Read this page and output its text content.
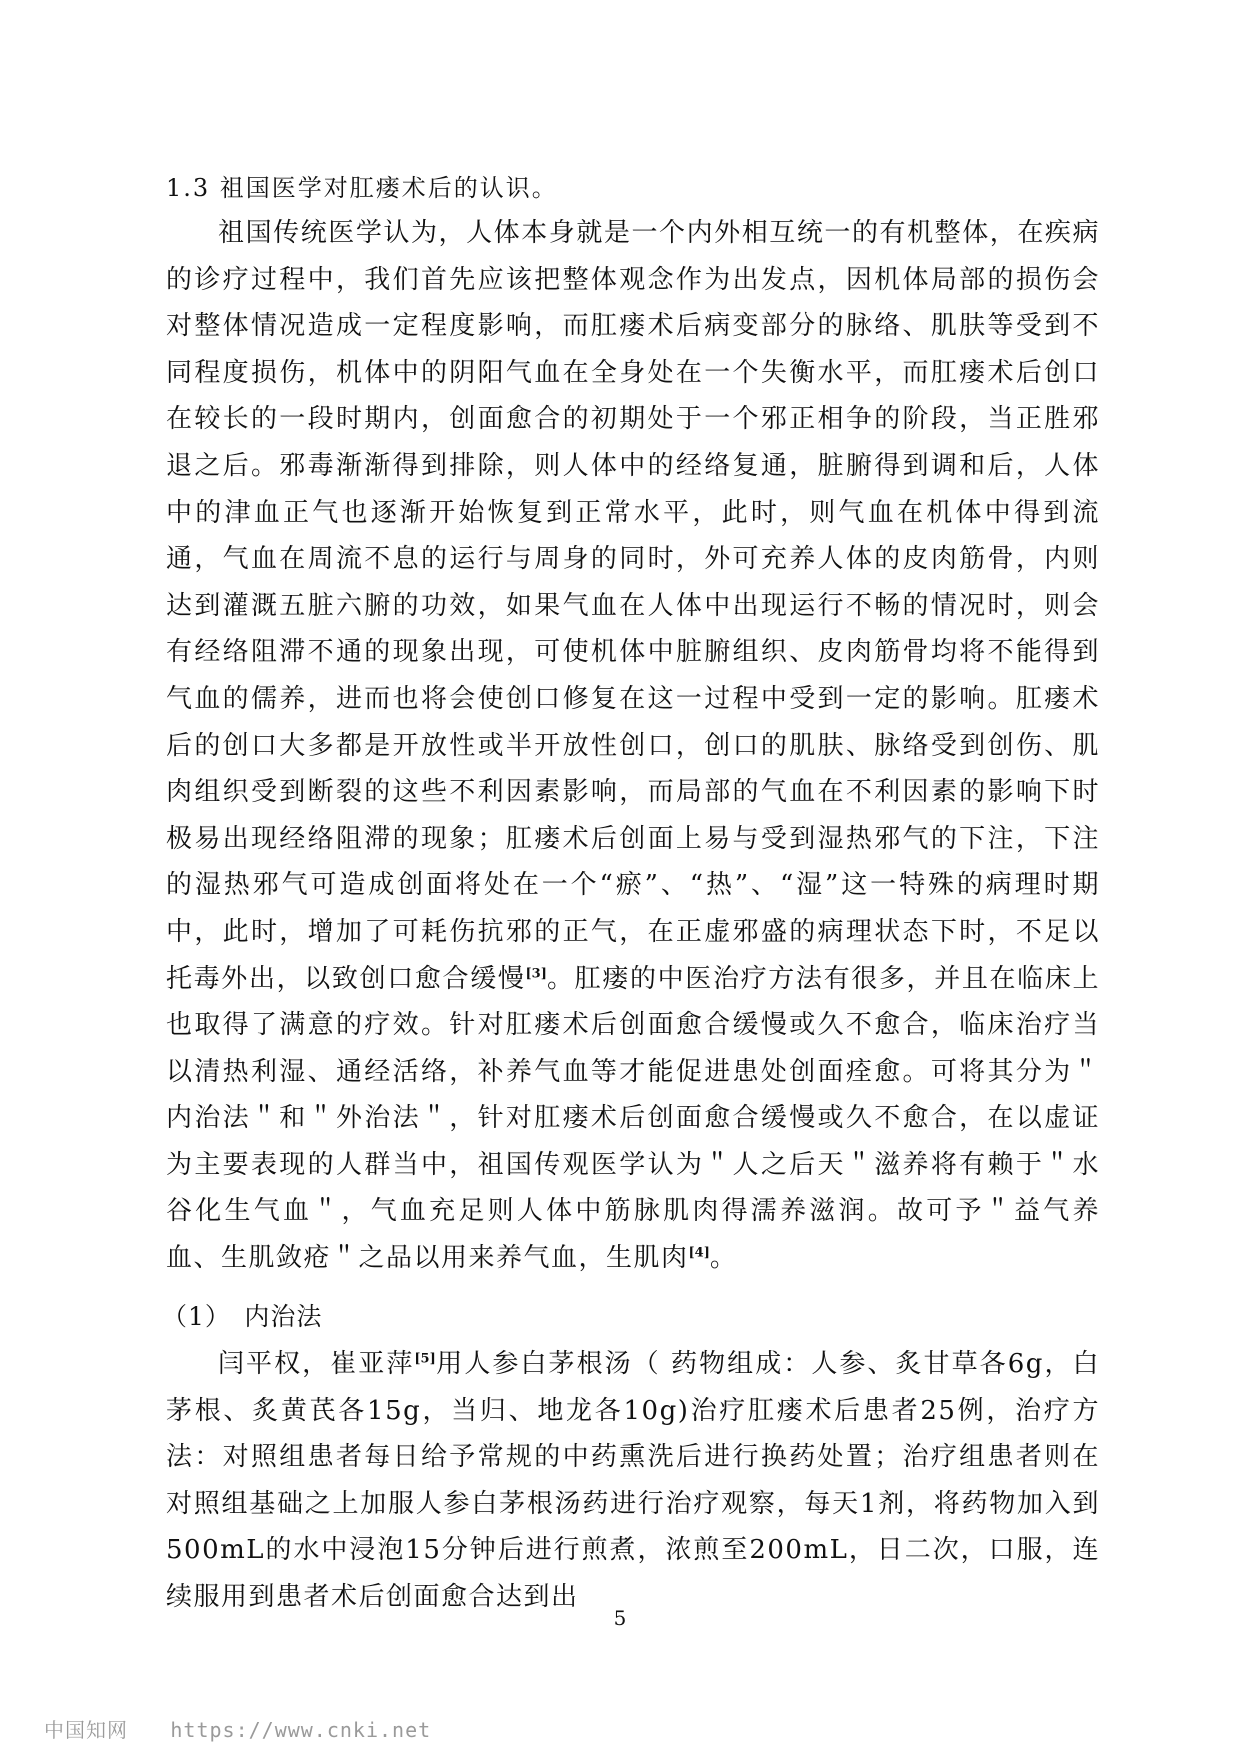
1.3 祖国医学对肛瘘术后的认识。

祖国传统医学认为，人体本身就是一个内外相互统一的有机整体，在疾病的诊疗过程中，我们首先应该把整体观念作为出发点，因机体局部的损伤会对整体情况造成一定程度影响，而肛瘘术后病变部分的脉络、肌肤等受到不同程度损伤，机体中的阴阳气血在全身处在一个失衡水平，而肛瘘术后创口在较长的一段时期内，创面愈合的初期处于一个邪正相争的阶段，当正胜邪退之后。邪毒渐渐得到排除，则人体中的经络复通，脏腑得到调和后，人体中的津血正气也逐渐开始恢复到正常水平，此时，则气血在机体中得到流通，气血在周流不息的运行与周身的同时，外可充养人体的皮肉筋骨，内则达到灌溉五脏六腑的功效，如果气血在人体中出现运行不畅的情况时，则会有经络阻滞不通的现象出现，可使机体中脏腑组织、皮肉筋骨均将不能得到气血的儒养，进而也将会使创口修复在这一过程中受到一定的影响。肛瘘术后的创口大多都是开放性或半开放性创口，创口的肌肤、脉络受到创伤、肌肉组织受到断裂的这些不利因素影响，而局部的气血在不利因素的影响下时极易出现经络阻滞的现象；肛瘘术后创面上易与受到湿热邪气的下注，下注的湿热邪气可造成创面将处在一个“瘀”、“热”、“湿”这一特殊的病理时期中，此时，增加了可耗伤抗邪的正气，在正虚邪盛的病理状态下时，不足以托毒外出，以致创口愈合缓慢[3]。肛瘘的中医治疗方法有很多，并且在临床上也取得了满意的疗效。针对肛瘘术后创面愈合缓慢或久不愈合，临床治疗当以清热利湿、通经活络，补养气血等才能促进患处创面痊愈。可将其分为＂内治法＂和＂外治法＂，针对肛瘘术后创面愈合缓慢或久不愈合，在以虚证为主要表现的人群当中，祖国传观医学认为＂人之后天＂滋养将有赖于＂水谷化生气血＂，气血充足则人体中筋脉肌肉得濡养滋润。故可予＂益气养血、生肌敛疮＂之品以用来养气血，生肌肉[4]。

（1）　内治法

闫平权，崔亚萍[5]用人参白茅根汤（ 药物组成：人参、炙甘草各6g，白茅根、炙黄芪各15g，当归、地龙各10g)治疗肛瘘术后患者25例，治疗方法：对照组患者每日给予常规的中药熏洗后进行换药处置；治疗组患者则在对照组基础之上加服人参白茅根汤药进行治疗观察，每天1剂，将药物加入到500mL的水中浸泡15分钟后进行煎煮，浓煎至200mL，日二次，口服，连续服用到患者术后创面愈合达到出

5
中国知网 https://www.cnki.net
